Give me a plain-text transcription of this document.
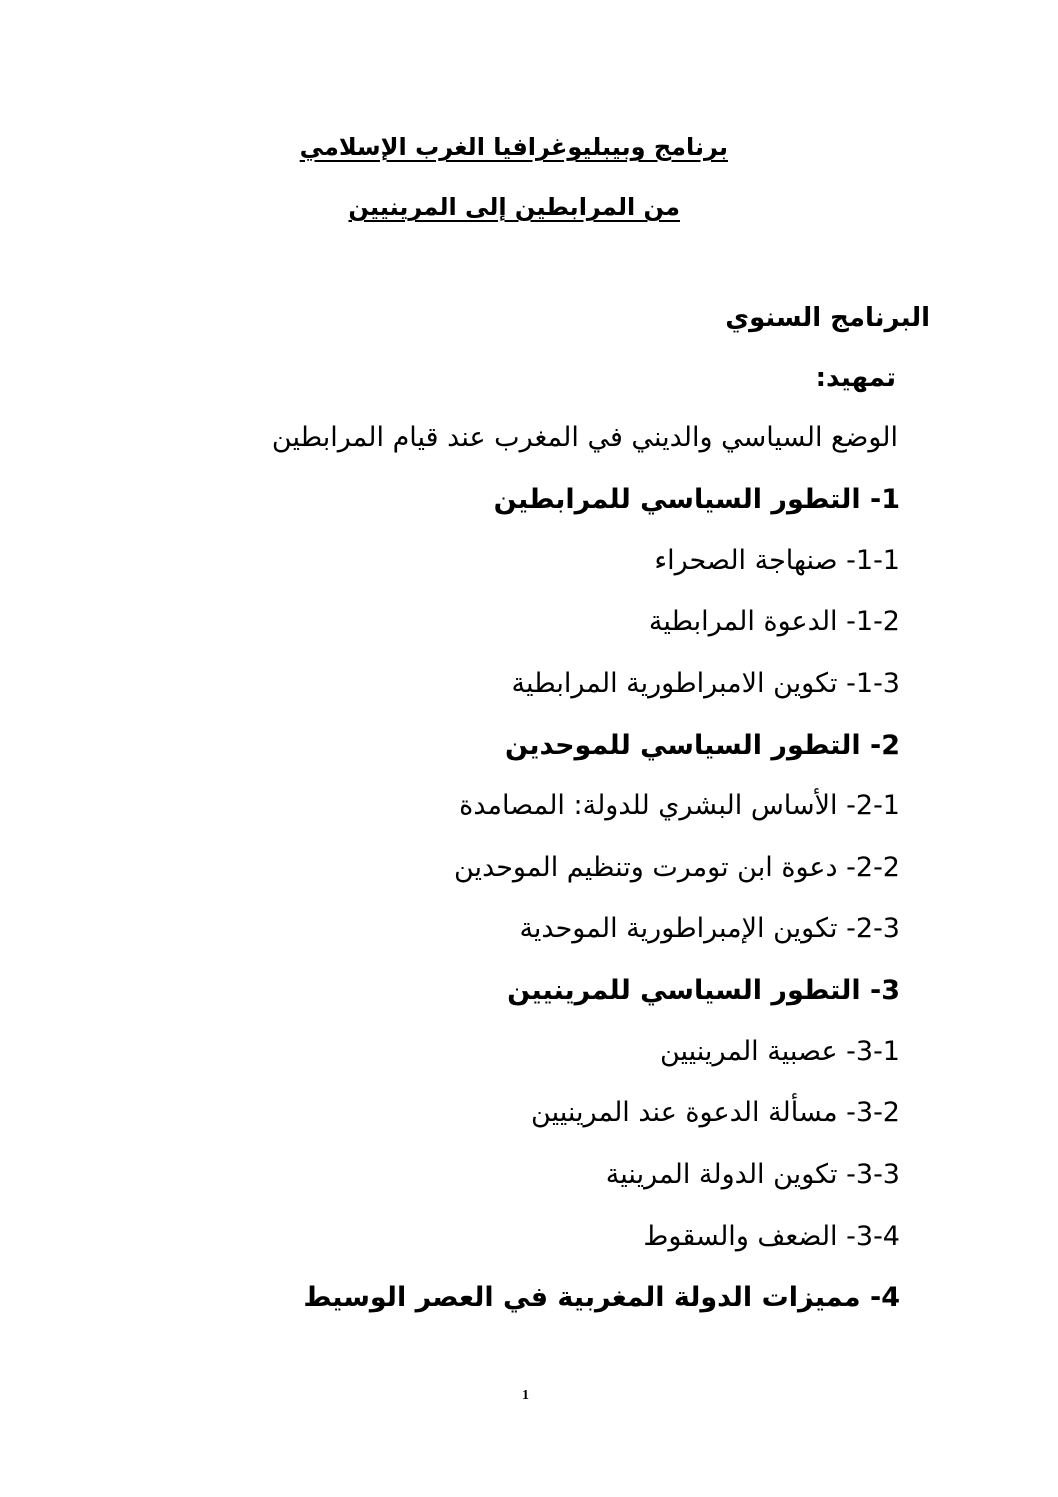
برنامج وبيبليوغرافيا الغرب الإسلامي
من المرابطين إلى المرينيين
البرنامج السنوي
تمهيد:
الوضع السياسي والديني في المغرب عند قيام المرابطين
1- التطور السياسي للمرابطين
1-1- صنهاجة الصحراء
1-2- الدعوة المرابطية
1-3- تكوين الامبراطورية المرابطية
2- التطور السياسي للموحدين
2-1- الأساس البشري للدولة: المصامدة
2-2- دعوة ابن تومرت وتنظيم الموحدين
2-3- تكوين الإمبراطورية الموحدية
3- التطور السياسي للمرينيين
3-1- عصبية المرينيين
3-2- مسألة الدعوة عند المرينيين
3-3- تكوين الدولة المرينية
3-4- الضعف والسقوط
4- مميزات الدولة المغربية في العصر الوسيط
1
